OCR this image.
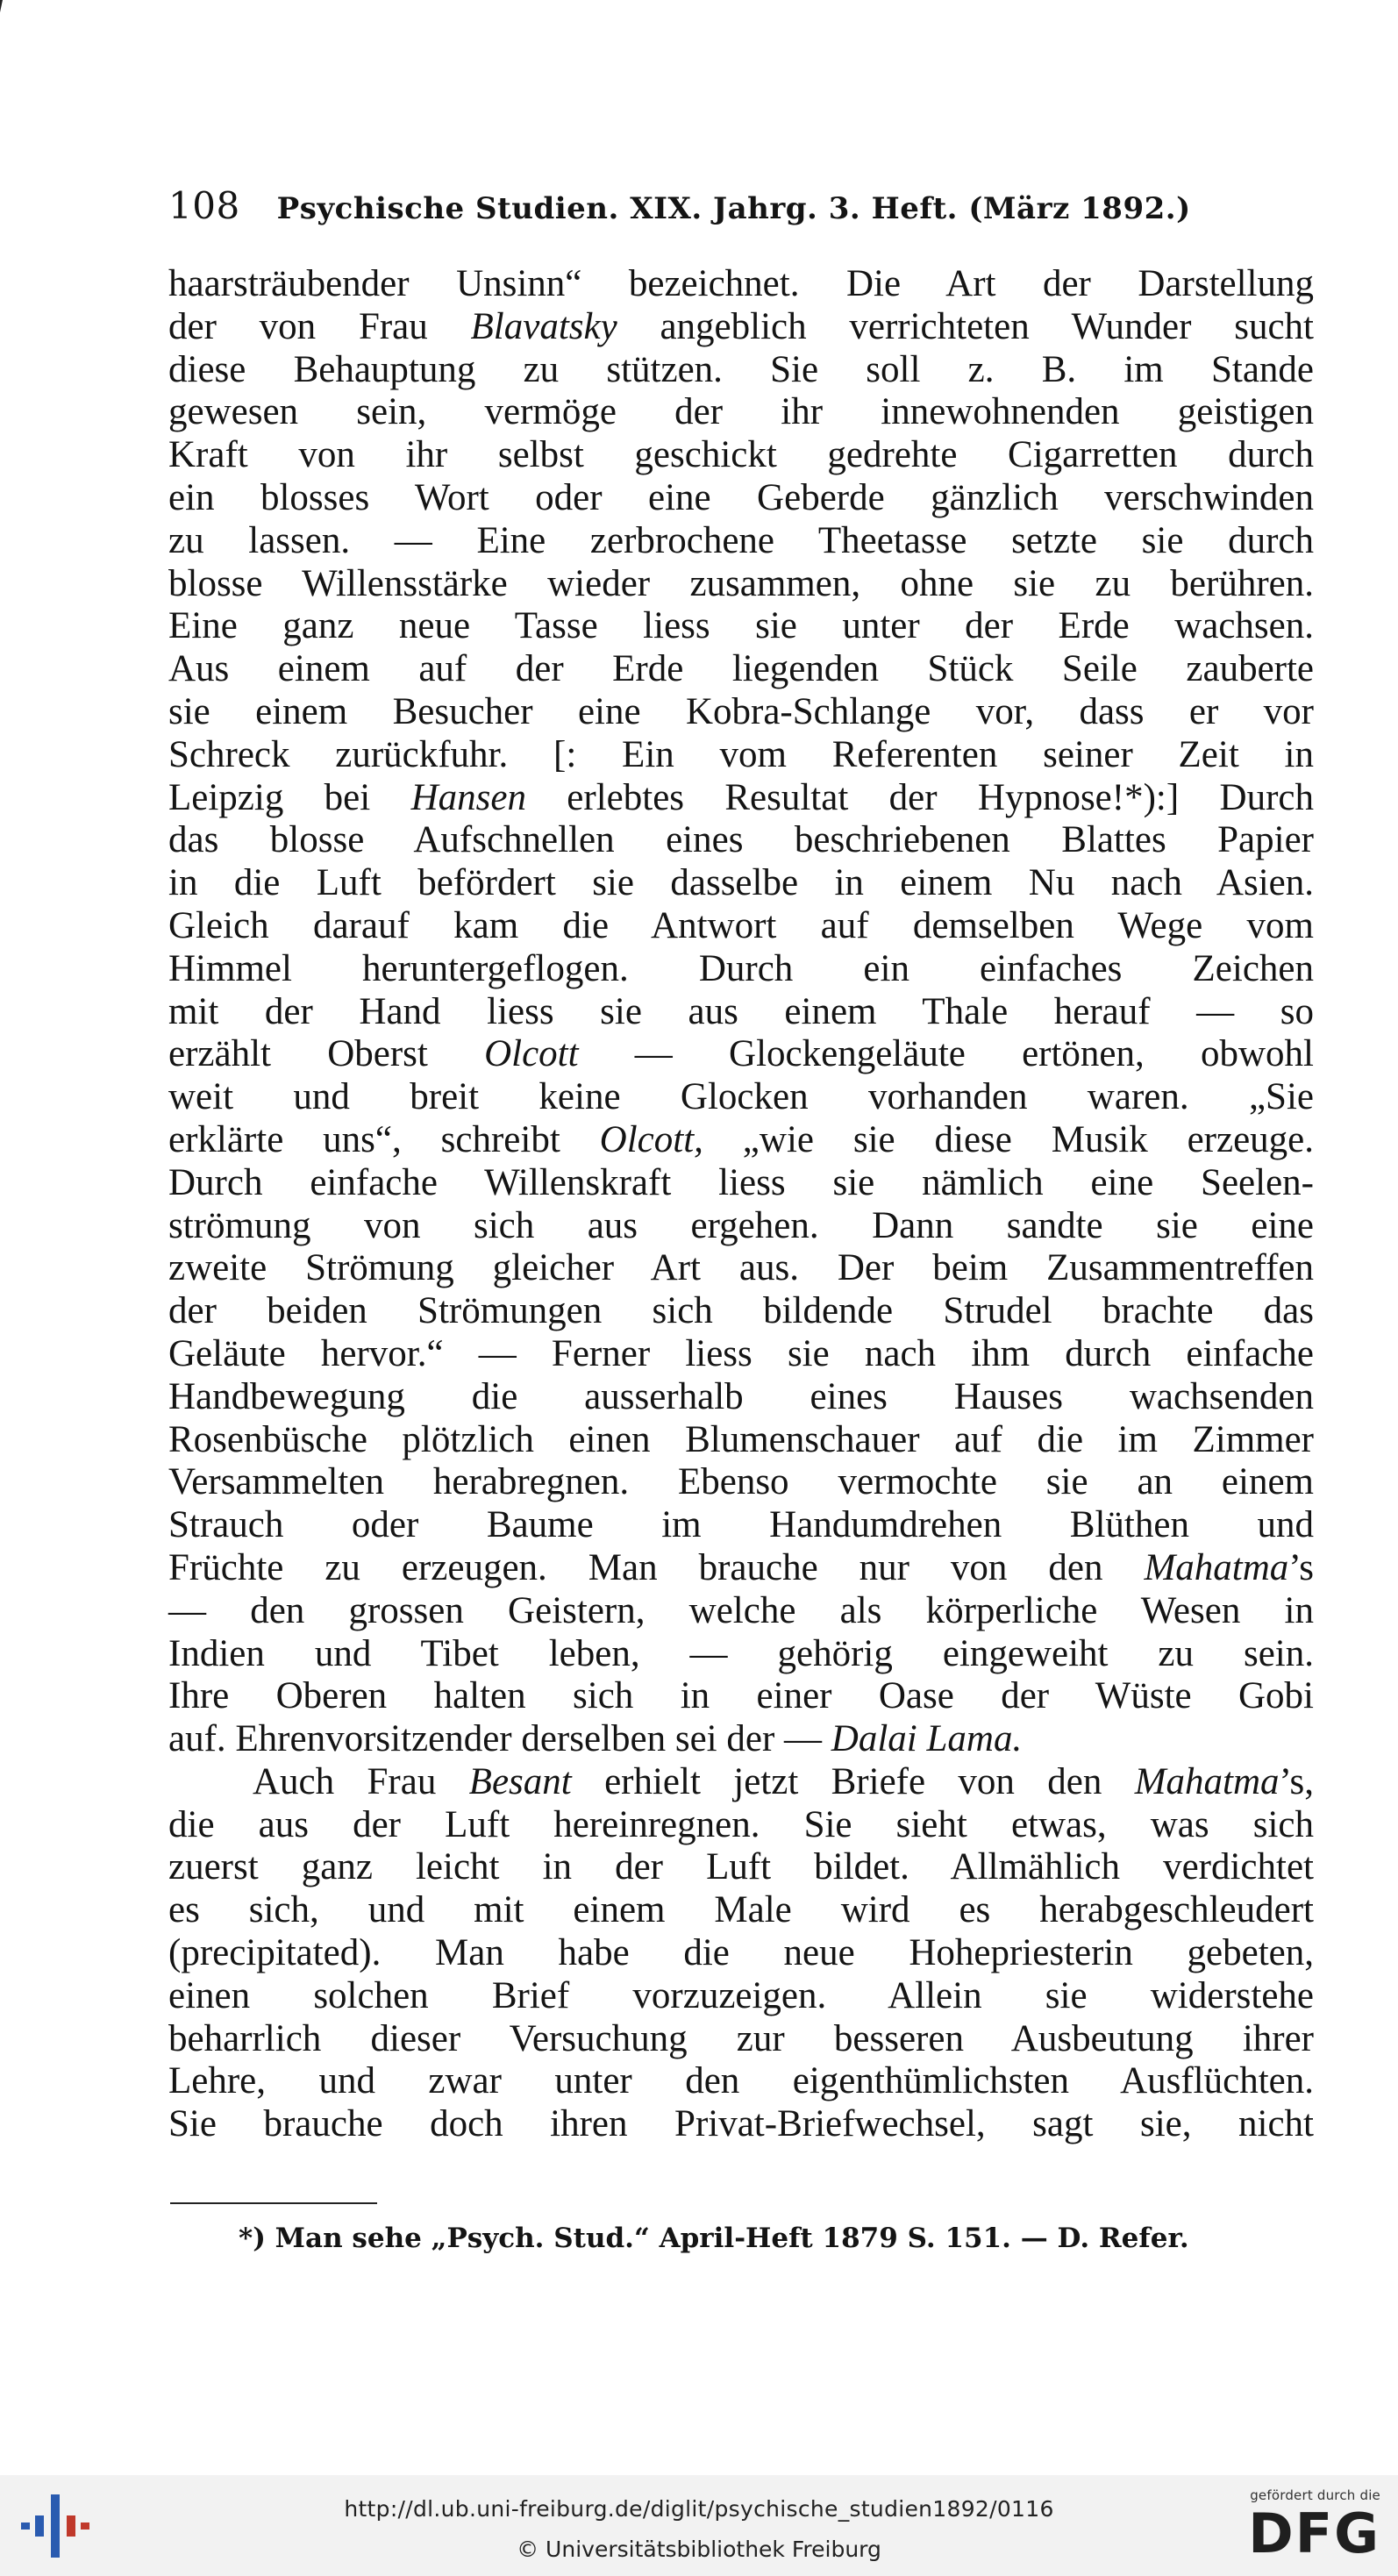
108 Psychische Studien. XIX. Jahrg. 3. Heft. (März 1892.)
haarsträubender Unsinn“ bezeichnet. Die Art der Darstellung
der von Frau Blavatsky angeblich verrichteten Wunder sucht
diese Behauptung zu stützen. Sie soll z. B. im Stande
gewesen sein, vermöge der ihr innewohnenden geistigen
Kraft von ihr selbst geschickt gedrehte Cigarretten durch
ein blosses Wort oder eine Geberde gänzlich verschwinden
zu lassen. — Eine zerbrochene Theetasse setzte sie durch
blosse Willensstärke wieder zusammen, ohne sie zu berühren.
Eine ganz neue Tasse liess sie unter der Erde wachsen.
Aus einem auf der Erde liegenden Stück Seile zauberte
sie einem Besucher eine Kobra-Schlange vor, dass er vor
Schreck zurückfuhr. [: Ein vom Referenten seiner Zeit in
Leipzig bei Hansen erlebtes Resultat der Hypnose!*):] Durch
das blosse Aufschnellen eines beschriebenen Blattes Papier
in die Luft befördert sie dasselbe in einem Nu nach Asien.
Gleich darauf kam die Antwort auf demselben Wege vom
Himmel heruntergeflogen. Durch ein einfaches Zeichen
mit der Hand liess sie aus einem Thale herauf — so
erzählt Oberst Olcott — Glockengeläute ertönen, obwohl
weit und breit keine Glocken vorhanden waren. „Sie
erklärte uns“, schreibt Olcott, „wie sie diese Musik erzeuge.
Durch einfache Willenskraft liess sie nämlich eine Seelen-
strömung von sich aus ergehen. Dann sandte sie eine
zweite Strömung gleicher Art aus. Der beim Zusammentreffen
der beiden Strömungen sich bildende Strudel brachte das
Geläute hervor.“ — Ferner liess sie nach ihm durch einfache
Handbewegung die ausserhalb eines Hauses wachsenden
Rosenbüsche plötzlich einen Blumenschauer auf die im Zimmer
Versammelten herabregnen. Ebenso vermochte sie an einem
Strauch oder Baume im Handumdrehen Blüthen und
Früchte zu erzeugen. Man brauche nur von den Mahatma’s
— den grossen Geistern, welche als körperliche Wesen in
Indien und Tibet leben, — gehörig eingeweiht zu sein.
Ihre Oberen halten sich in einer Oase der Wüste Gobi
auf. Ehrenvorsitzender derselben sei der — Dalai Lama.
Auch Frau Besant erhielt jetzt Briefe von den Mahatma’s,
die aus der Luft hereinregnen. Sie sieht etwas, was sich
zuerst ganz leicht in der Luft bildet. Allmählich verdichtet
es sich, und mit einem Male wird es herabgeschleudert
(precipitated). Man habe die neue Hohepriesterin gebeten,
einen solchen Brief vorzuzeigen. Allein sie widerstehe
beharrlich dieser Versuchung zur besseren Ausbeutung ihrer
Lehre, und zwar unter den eigenthümlichsten Ausflüchten.
Sie brauche doch ihren Privat-Briefwechsel, sagt sie, nicht
*) Man sehe „Psych. Stud.“ April-Heft 1879 S. 151. — D. Refer.
http://dl.ub.uni-freiburg.de/diglit/psychische_studien1892/0116
© Universitätsbibliothek Freiburg
gefördert durch die
DFG
